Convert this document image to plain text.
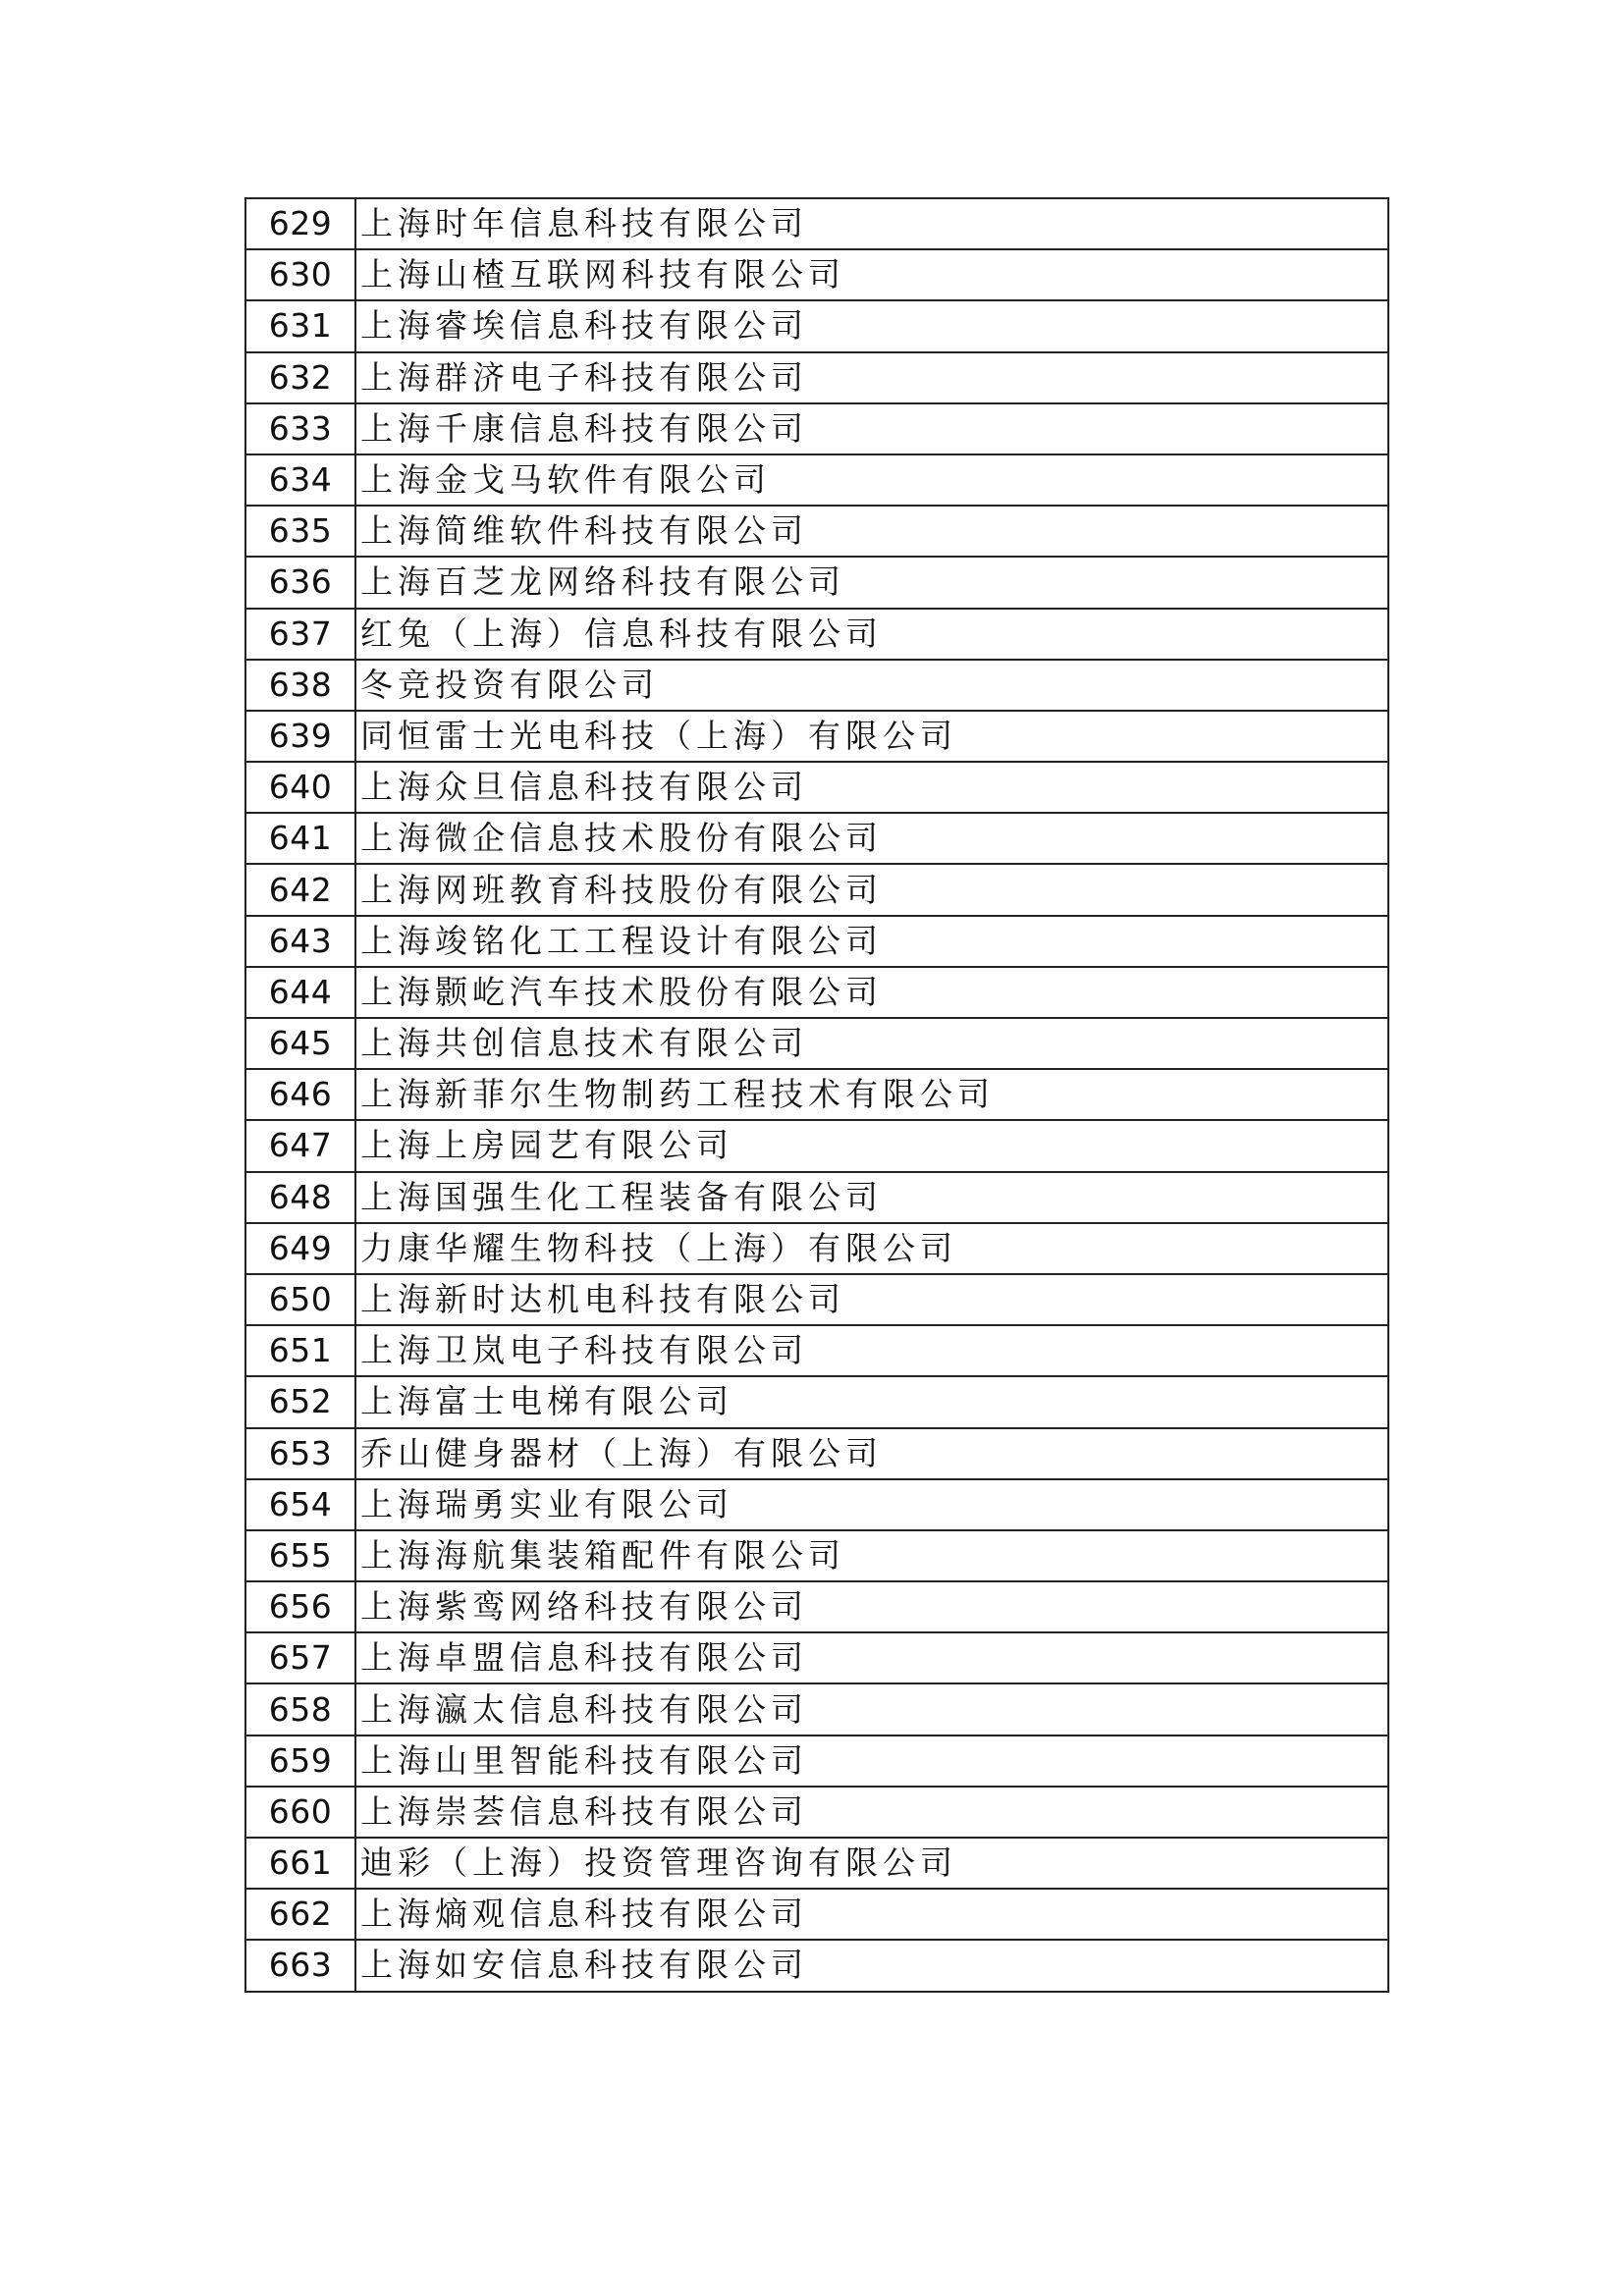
629	上海时年信息科技有限公司
630	上海山楂互联网科技有限公司
631	上海睿埃信息科技有限公司
632	上海群济电子科技有限公司
633	上海千康信息科技有限公司
634	上海金戈马软件有限公司
635	上海简维软件科技有限公司
636	上海百芝龙网络科技有限公司
637	红兔（上海）信息科技有限公司
638	冬竞投资有限公司
639	同恒雷士光电科技（上海）有限公司
640	上海众旦信息科技有限公司
641	上海微企信息技术股份有限公司
642	上海网班教育科技股份有限公司
643	上海竣铭化工工程设计有限公司
644	上海颢屹汽车技术股份有限公司
645	上海共创信息技术有限公司
646	上海新菲尔生物制药工程技术有限公司
647	上海上房园艺有限公司
648	上海国强生化工程装备有限公司
649	力康华耀生物科技（上海）有限公司
650	上海新时达机电科技有限公司
651	上海卫岚电子科技有限公司
652	上海富士电梯有限公司
653	乔山健身器材（上海）有限公司
654	上海瑞勇实业有限公司
655	上海海航集装箱配件有限公司
656	上海紫鸾网络科技有限公司
657	上海卓盟信息科技有限公司
658	上海瀛太信息科技有限公司
659	上海山里智能科技有限公司
660	上海崇荟信息科技有限公司
661	迪彩（上海）投资管理咨询有限公司
662	上海熵观信息科技有限公司
663	上海如安信息科技有限公司
